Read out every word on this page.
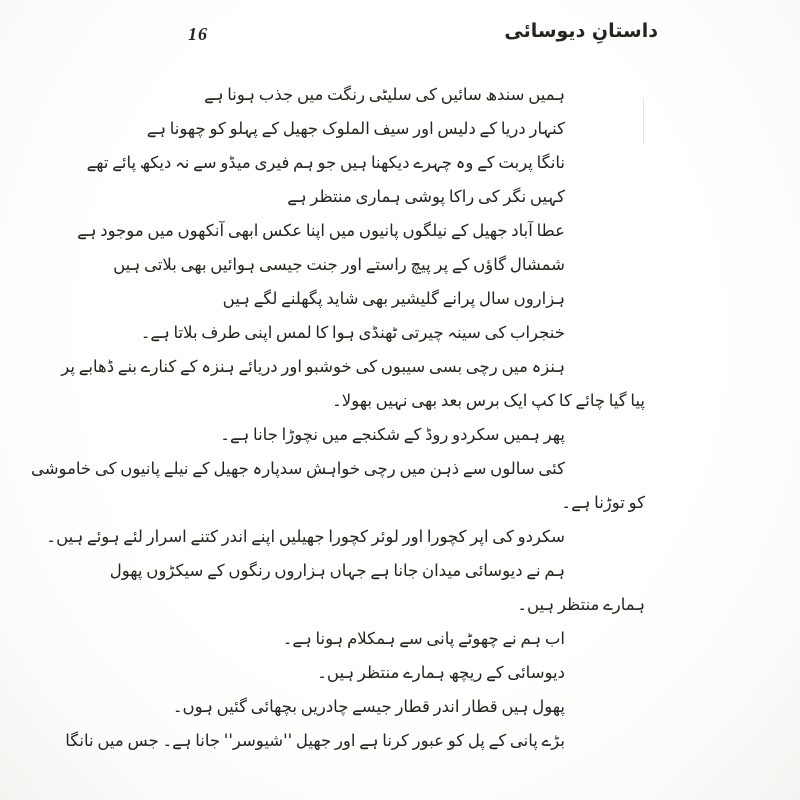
16	داستانِ دیوسائی
ہمیں سندھ سائیں کی سلیٹی رنگت میں جذب ہونا ہے
کنہار دریا کے دلیس اور سیف الملوک جھیل کے پہلو کو چھونا ہے
نانگا پربت کے وہ چہرے دیکھنا ہیں جو ہم فیری میڈو سے نہ دیکھ پائے تھے
کہیں نگر کی راکا پوشی ہماری منتظر ہے
عطا آباد جھیل کے نیلگوں پانیوں میں اپنا عکس ابھی آنکھوں میں موجود ہے
شمشال گاؤں کے پر پیچ راستے اور جنت جیسی ہوائیں بھی بلاتی ہیں
ہزاروں سال پرانے گلیشیر بھی شاید پگھلنے لگے ہیں
خنجراب کی سینہ چیرتی ٹھنڈی ہوا کا لمس اپنی طرف بلاتا ہے۔
ہنزہ میں رچی بسی سیبوں کی خوشبو اور دریائے ہنزہ کے کنارے بنے ڈھابے پر
پیا گیا چائے کا کپ ایک برس بعد بھی نہیں بھولا۔
پھر ہمیں سکردو روڈ کے شکنجے میں نچوڑا جانا ہے۔
کئی سالوں سے ذہن میں رچی خواہش سدپارہ جھیل کے نیلے پانیوں کی خاموشی
کو توڑنا ہے۔
سکردو کی اپر کچورا اور لوئر کچورا جھیلیں اپنے اندر کتنے اسرار لئے ہوئے ہیں۔
ہم نے دیوسائی میدان جانا ہے جہاں ہزاروں رنگوں کے سیکڑوں پھول
ہمارے منتظر ہیں۔
اب ہم نے چھوٹے پانی سے ہمکلام ہونا ہے۔
دیوسائی کے ریچھ ہمارے منتظر ہیں۔
پھول ہیں قطار اندر قطار جیسے چادریں بچھائی گئیں ہوں۔
بڑے پانی کے پل کو عبور کرنا ہے اور جھیل ''شیوسر'' جانا ہے۔ جس میں نانگا
